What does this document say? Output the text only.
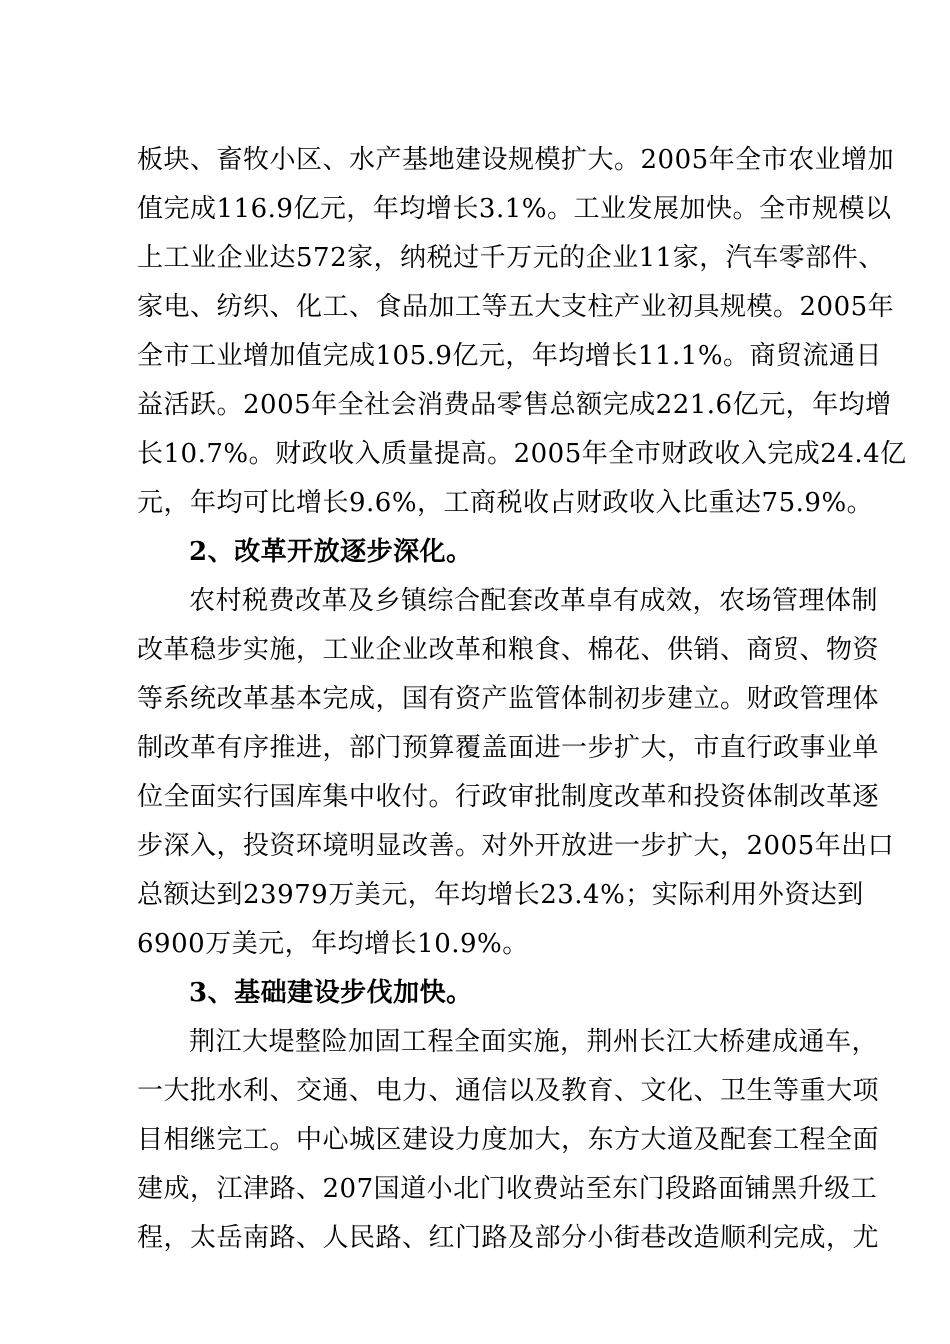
板块、畜牧小区、水产基地建设规模扩大。2005年全市农业增加
值完成116.9亿元，年均增长3.1%。工业发展加快。全市规模以
上工业企业达572家，纳税过千万元的企业11家，汽车零部件、
家电、纺织、化工、食品加工等五大支柱产业初具规模。2005年
全市工业增加值完成105.9亿元，年均增长11.1%。商贸流通日
益活跃。2005年全社会消费品零售总额完成221.6亿元，年均增
长10.7%。财政收入质量提高。2005年全市财政收入完成24.4亿
元，年均可比增长9.6%，工商税收占财政收入比重达75.9%。
2、改革开放逐步深化。
农村税费改革及乡镇综合配套改革卓有成效，农场管理体制
改革稳步实施，工业企业改革和粮食、棉花、供销、商贸、物资
等系统改革基本完成，国有资产监管体制初步建立。财政管理体
制改革有序推进，部门预算覆盖面进一步扩大，市直行政事业单
位全面实行国库集中收付。行政审批制度改革和投资体制改革逐
步深入，投资环境明显改善。对外开放进一步扩大，2005年出口
总额达到23979万美元，年均增长23.4%；实际利用外资达到
6900万美元，年均增长10.9%。
3、基础建设步伐加快。
荆江大堤整险加固工程全面实施，荆州长江大桥建成通车，
一大批水利、交通、电力、通信以及教育、文化、卫生等重大项
目相继完工。中心城区建设力度加大，东方大道及配套工程全面
建成，江津路、207国道小北门收费站至东门段路面铺黑升级工
程，太岳南路、人民路、红门路及部分小街巷改造顺利完成，尤
